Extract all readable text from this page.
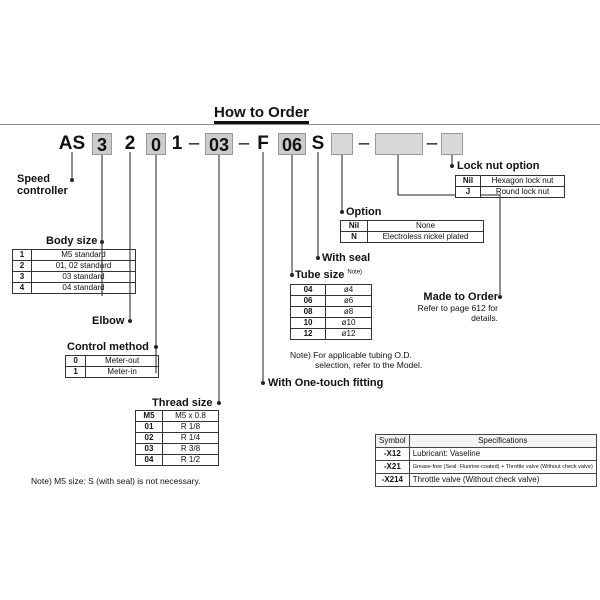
How to Order
AS 3 2 0 1 – 03 – F 06 S –	–
Speed
controller
Body size
1	M5 standard
2	01, 02 standard
3	03 standard
4	04 standard
Elbow
Control method
0	Meter-out
1	Meter-in
Thread size
M5	M5 x 0.8
01	R 1/8
02	R 1/4
03	R 3/8
04	R 1/2
Note) M5 size: S (with seal) is not necessary.
With One-touch fitting
Tube size $^{Note)}$
04	ø4
06	ø6
08	ø8
10	ø10
12	ø12
Note) For applicable tubing O.D.
selection, refer to the Model.
With seal
Option
Nil	None
N	Electroless nickel plated
Lock nut option
Nil	Hexagon lock nut
J	Round lock nut
Made to Order
Refer to page 612 for
details.
Symbol	Specifications
-X12	Lubricant: Vaseline
-X21	Grease-free (Seal: Fluorine-coated) + Throttle valve (Without check valve)
-X214	Throttle valve (Without check valve)
